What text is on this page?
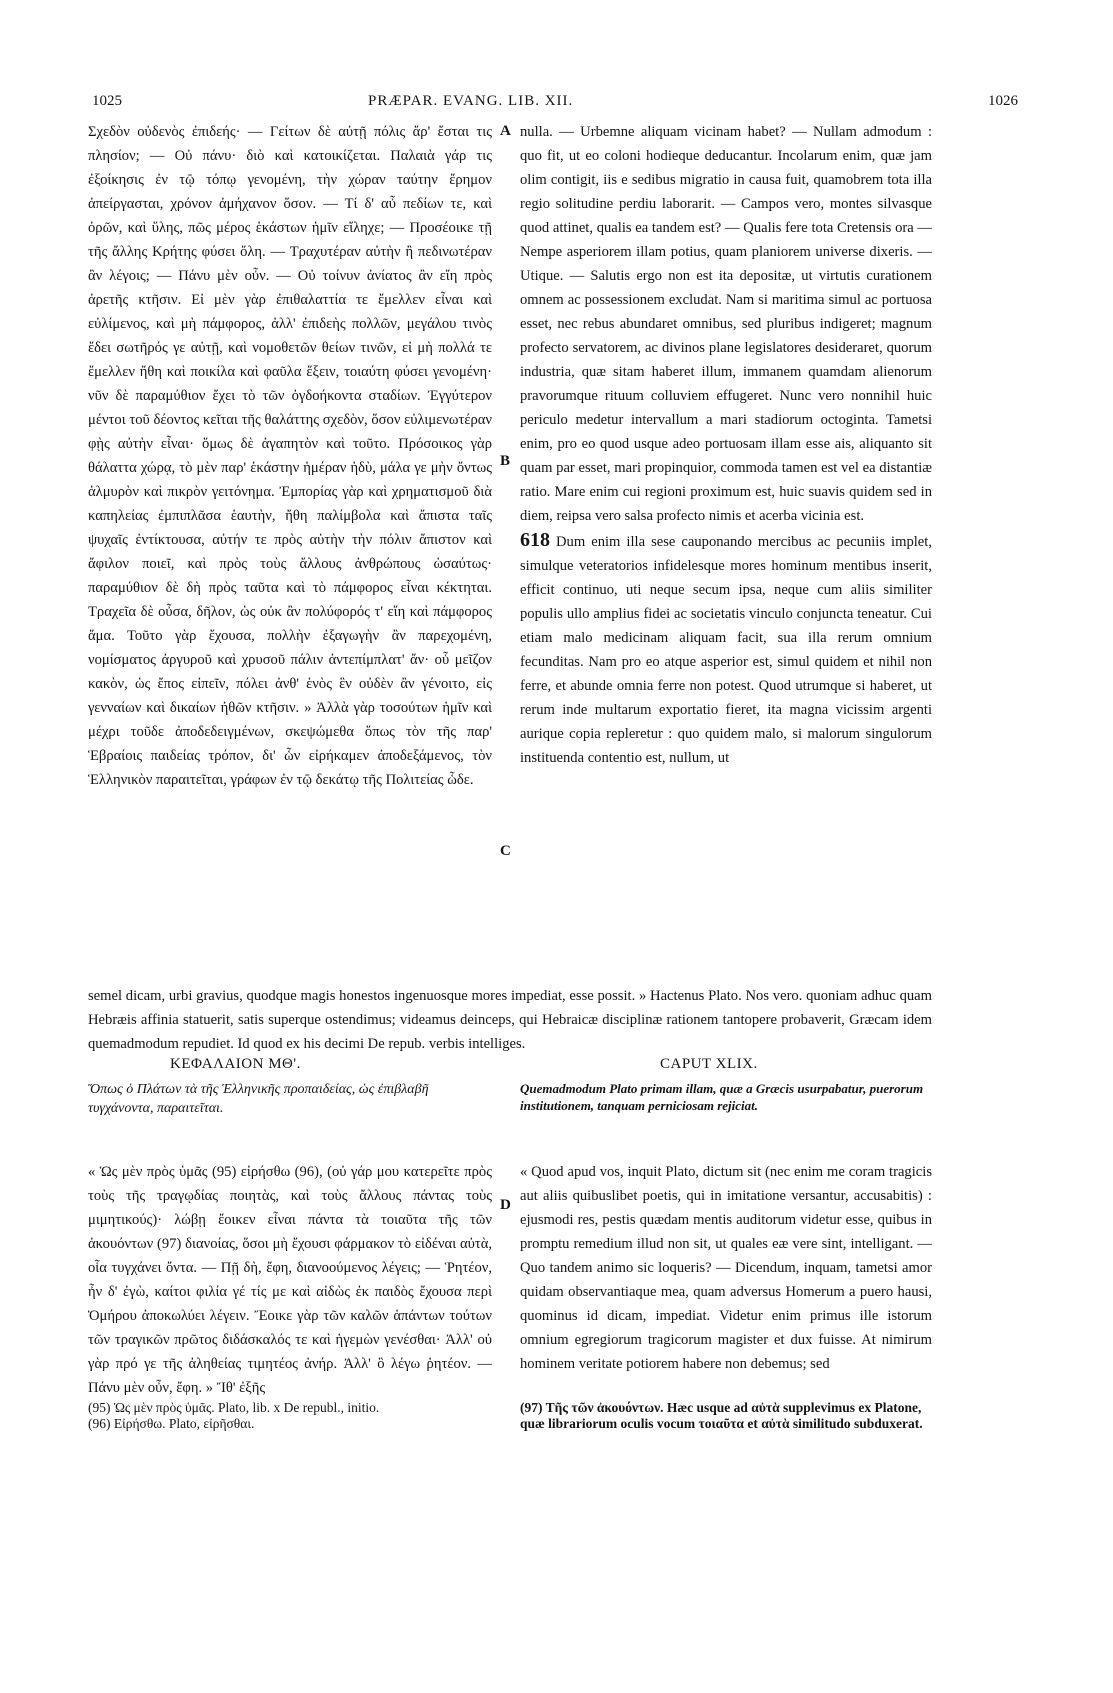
1025	PRÆPAR. EVANG. LIB. XII.	1026

Σχεδὸν οὐδενὸς ἐπιδεής· — Γείτων δὲ αὐτῇ πόλις ἄρ' ἔσται τις πλησίον; — Οὐ πάνυ· διὸ καὶ κατοικίζεται. Παλαιὰ γάρ τις ἐξοίκησις ἐν τῷ τόπῳ γενομένη, τὴν χώραν ταύτην ἔρημον ἀπείργασται, χρόνον ἀμήχανον ὅσον. — Τί δ' αὖ πεδίων τε, καὶ ὀρῶν, καὶ ὕλης, πῶς μέρος ἑκάστων ἡμῖν εἴληχε; — Προσέοικε τῇ τῆς ἄλλης Κρήτης φύσει ὅλη. — Τραχυτέραν αὐτὴν ἢ πεδινωτέραν ἂν λέγοις; — Πάνυ μὲν οὖν. — Οὐ τοίνυν ἀνίατος ἂν εἴη πρὸς ἀρετῆς κτῆσιν. Εἰ μὲν γὰρ ἐπιθαλαττία τε ἔμελλεν εἶναι καὶ εὐλίμενος, καὶ μὴ πάμφορος, ἀλλ' ἐπιδεὴς πολλῶν, μεγάλου τινὸς ἔδει σωτῆρός γε αὐτῇ, καὶ νομοθετῶν θείων τινῶν, εἰ μὴ πολλά τε ἔμελλεν ἤθη καὶ ποικίλα καὶ φαῦλα ἕξειν, τοιαύτη φύσει γενομένη· νῦν δὲ παραμύθιον ἔχει τὸ τῶν ὀγδοήκοντα σταδίων. Ἐγγύτερον μέντοι τοῦ δέοντος κεῖται τῆς θαλάττης σχεδὸν, ὅσον εὐλιμενωτέραν φῂς αὐτὴν εἶναι· ὅμως δὲ ἀγαπητὸν καὶ τοῦτο. Πρόσοικος γὰρ θάλαττα χώρᾳ, τὸ μὲν παρ' ἑκάστην ἡμέραν ἡδὺ, μάλα γε μὴν ὄντως ἁλμυρὸν καὶ πικρὸν γειτόνημα. Ἐμπορίας γὰρ καὶ χρηματισμοῦ διὰ καπηλείας ἐμπιπλᾶσα ἑαυτὴν, ἤθη παλίμβολα καὶ ἄπιστα ταῖς ψυχαῖς ἐντίκτουσα, αὐτήν τε πρὸς αὑτὴν τὴν πόλιν ἄπιστον καὶ ἄφιλον ποιεῖ, καὶ πρὸς τοὺς ἄλλους ἀνθρώπους ὡσαύτως· παραμύθιον δὲ δὴ πρὸς ταῦτα καὶ τὸ πάμφορος εἶναι κέκτηται. Τραχεῖα δὲ οὖσα, δῆλον, ὡς οὐκ ἂν πολύφορός τ' εἴη καὶ πάμφορος ἅμα. Τοῦτο γὰρ ἔχουσα, πολλὴν ἐξαγωγὴν ἂν παρεχομένη, νομίσματος ἀργυροῦ καὶ χρυσοῦ πάλιν ἀντεπίμπλατ' ἄν· οὗ μεῖζον κακὸν, ὡς ἔπος εἰπεῖν, πόλει ἀνθ' ἑνὸς ἓν οὐδὲν ἂν γένοιτο, εἰς γενναίων καὶ δικαίων ἠθῶν κτῆσιν. » Ἀλλὰ γὰρ τοσούτων ἡμῖν καὶ μέχρι τοῦδε ἀποδεδειγμένων, σκεψώμεθα ὅπως τὸν τῆς παρ' Ἑβραίοις παιδείας τρόπον, δι' ὧν εἰρήκαμεν ἀποδεξάμενος, τὸν Ἑλληνικὸν παραιτεῖται, γράφων ἐν τῷ δεκάτῳ τῆς Πολιτείας ὧδε.

nulla. — Urbemne aliquam vicinam habet? — Nullam admodum : quo fit, ut eo coloni hodieque deducantur. Incolarum enim, quæ jam olim contigit, iis e sedibus migratio in causa fuit, quamobrem tota illa regio solitudine perdiu laborarit. — Campos vero, montes silvasque quod attinet, qualis ea tandem est? — Qualis fere tota Cretensis ora — Nempe asperiorem illam potius, quam planiorem universe dixeris. — Utique. — Salutis ergo non est ita depositæ, ut virtutis curationem omnem ac possessionem excludat. Nam si maritima simul ac portuosa esset, nec rebus abundaret omnibus, sed pluribus indigeret; magnum profecto servatorem, ac divinos plane legislatores desideraret, quorum industria, quæ sitam haberet illum, immanem quamdam alienorum pravorumque rituum colluviem effugeret. Nunc vero nonnihil huic periculo medetur intervallum a mari stadiorum octoginta. Tametsi enim, pro eo quod usque adeo portuosam illam esse ais, aliquanto sit quam par esset, mari propinquior, commoda tamen est vel ea distantiæ ratio. Mare enim cui regioni proximum est, huic suavis quidem sed in diem, reipsa vero salsa profecto nimis et acerba vicinia est.

618 Dum enim illa sese cauponando mercibus ac pecuniis implet, simulque veteratorios infidelesque mores hominum mentibus inserit, efficit continuo, uti neque secum ipsa, neque cum aliis similiter populis ullo amplius fidei ac societatis vinculo conjuncta teneatur. Cui etiam malo medicinam aliquam facit, sua illa rerum omnium fecunditas. Nam pro eo atque asperior est, simul quidem et nihil non ferre, et abunde omnia ferre non potest. Quod utrumque si haberet, ut rerum inde multarum exportatio fieret, ita magna vicissim argenti aurique copia repleretur : quo quidem malo, si malorum singulorum instituenda contentio est, nullum, ut

A
B
C
D
semel dicam, urbi gravius, quodque magis honestos ingenuosque mores impediat, esse possit. » Hactenus Plato. Nos vero. quoniam adhuc quam Hebræis affinia statuerit, satis superque ostendimus; videamus deinceps, qui Hebraicæ disciplinæ rationem tantopere probaverit, Græcam idem quemadmodum repudiet. Id quod ex his decimi De repub. verbis intelliges.
ΚΕΦΑΛΑΙΟΝ ΜΘ'.	CAPUT XLIX.
Ὅπως ὁ Πλάτων τὰ τῆς Ἑλληνικῆς προπαιδείας, ὡς ἐπιβλαβῆ τυγχάνοντα, παραιτεῖται.
Quemadmodum Plato primam illam, quæ a Græcis usurpabatur, puerorum institutionem, tanquam perniciosam rejiciat.

« Ὡς μὲν πρὸς ὑμᾶς (95) εἰρήσθω (96), (οὐ γάρ μου κατερεῖτε πρὸς τοὺς τῆς τραγῳδίας ποιητὰς, καὶ τοὺς ἄλλους πάντας τοὺς μιμητικούς)· λώβῃ ἔοικεν εἶναι πάντα τὰ τοιαῦτα τῆς τῶν ἀκουόντων (97) διανοίας, ὅσοι μὴ ἔχουσι φάρμακον τὸ εἰδέναι αὐτὰ, οἷα τυγχάνει ὄντα. — Πῇ δὴ, ἔφη, διανοούμενος λέγεις; — Ῥητέον, ἦν δ' ἐγὼ, καίτοι φιλία γέ τίς με καὶ αἰδὼς ἐκ παιδὸς ἔχουσα περὶ Ὁμήρου ἀποκωλύει λέγειν. Ἔοικε γὰρ τῶν καλῶν ἁπάντων τούτων τῶν τραγικῶν πρῶτος διδάσκαλός τε καὶ ἡγεμὼν γενέσθαι· Ἀλλ' οὐ γὰρ πρό γε τῆς ἀληθείας τιμητέος ἀνήρ. Ἀλλ' ὃ λέγω ῥητέον. — Πάνυ μὲν οὖν, ἔφη. » Ἴθ' ἐξῆς

« Quod apud vos, inquit Plato, dictum sit (nec enim me coram tragicis aut aliis quibuslibet poetis, qui in imitatione versantur, accusabitis) : ejusmodi res, pestis quædam mentis auditorum videtur esse, quibus in promptu remedium illud non sit, ut quales eæ vere sint, intelligant. — Quo tandem animo sic loqueris? — Dicendum, inquam, tametsi amor quidam observantiaque mea, quam adversus Homerum a puero hausi, quominus id dicam, impediat. Videtur enim primus ille istorum omnium egregiorum tragicorum magister et dux fuisse. At nimirum hominem veritate potiorem habere non debemus; sed

(95) Ὡς μὲν πρὸς ὑμᾶς. Plato, lib. x De republ., initio.

(96) Εἰρήσθω. Plato, εἰρῆσθαι.

(97) Τῆς τῶν ἀκουόντων. Hæc usque ad αὐτὰ supplevimus ex Platone, quæ librariorum oculis vocum τοιαῦτα et αὐτὰ similitudo subduxerat.
